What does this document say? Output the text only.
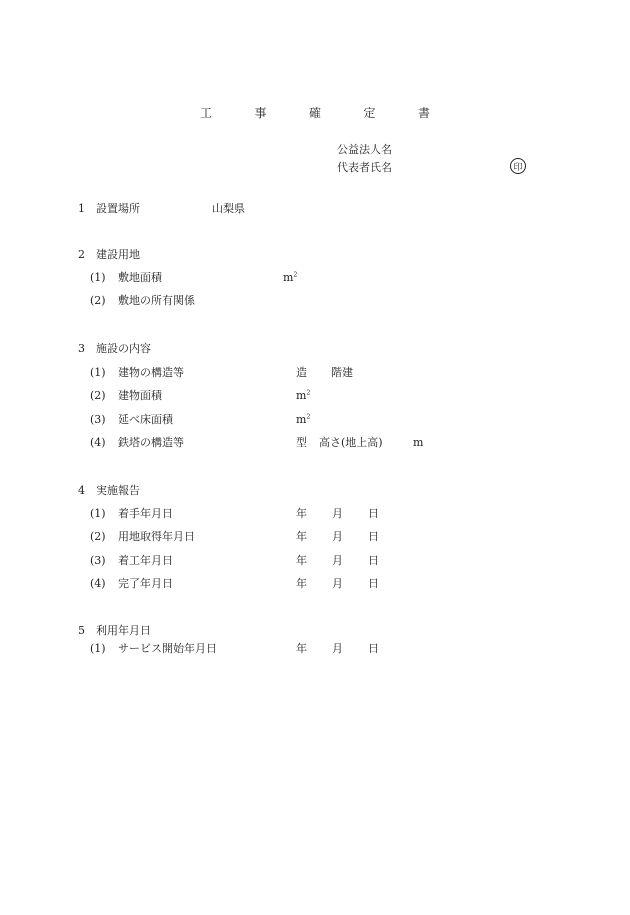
工	事	確	定	書
公益法人名
代表者氏名	印
1 設置場所	山梨県
2 建設用地
(1) 敷地面積	$m^2$
(2) 敷地の所有関係
3 施設の内容
(1) 建物の構造等	造 階建
(2) 建物面積	$m^2$
(3) 延べ床面積	$m^2$
(4) 鉄塔の構造等	型 高さ(地上高)	m
4 実施報告
(1) 着手年月日	年 月 日
(2) 用地取得年月日	年 月 日
(3) 着工年月日	年 月 日
(4) 完了年月日	年 月 日
5 利用年月日
(1) サービス開始年月日	年 月 日
